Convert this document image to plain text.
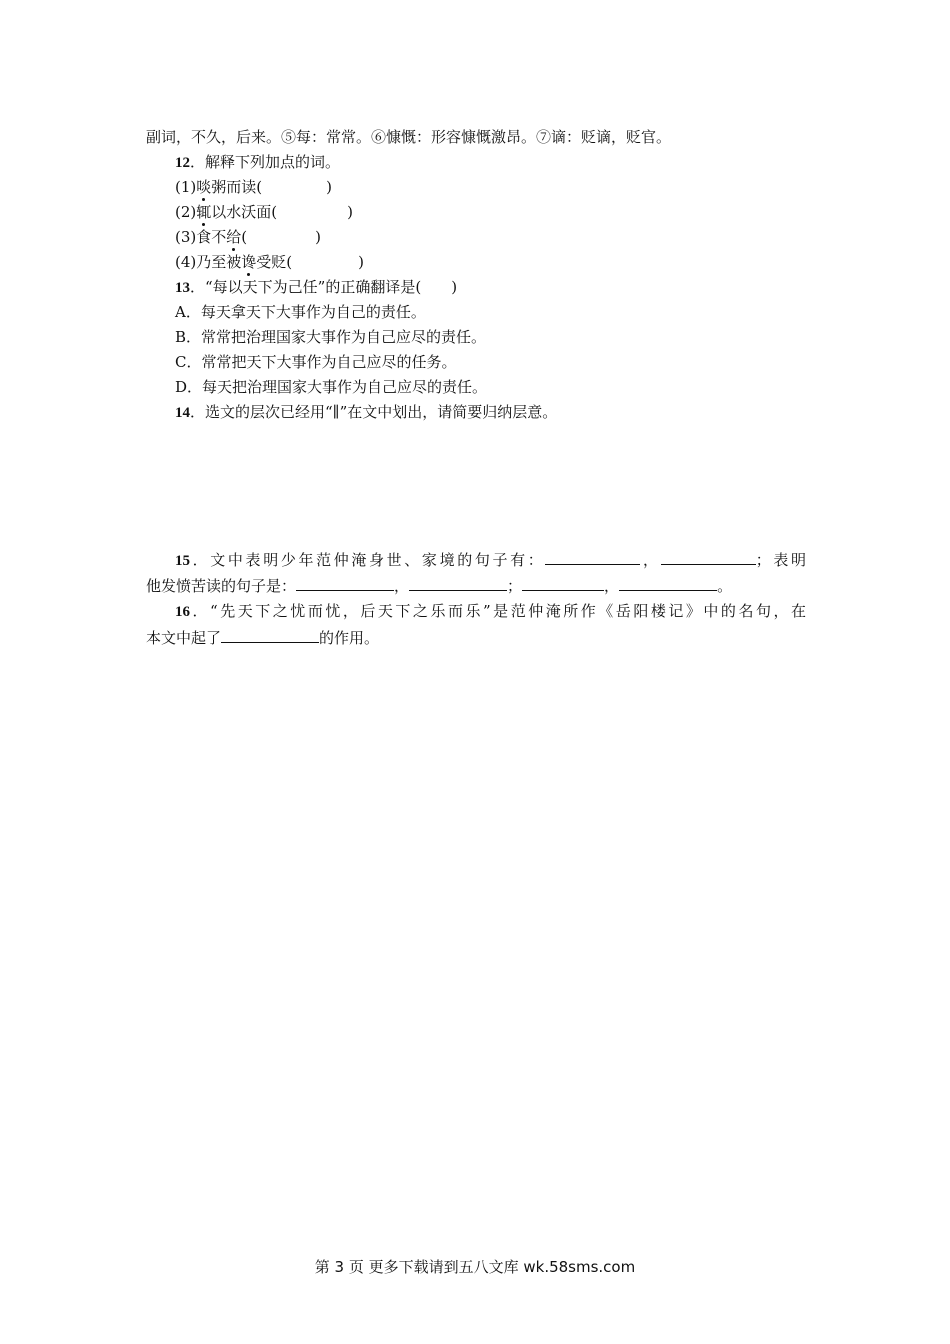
副词，不久，后来。⑤每：常常。⑥慷慨：形容慷慨激昂。⑦谪：贬谪，贬官。
12．解释下列加点的词。
(1)啖粥而读(	)
(2)辄以水沃面(	)
(3)食不给(	)
(4)乃至被谗受贬(	)
13．“每以天下为己任”的正确翻译是(　　)
A．每天拿天下大事作为自己的责任。
B．常常把治理国家大事作为自己应尽的责任。
C．常常把天下大事作为自己应尽的任务。
D．每天把治理国家大事作为自己应尽的责任。
14．选文的层次已经用“∥”在文中划出，请简要归纳层意。
15．文中表明少年范仲淹身世、家境的句子有：	，	；表明
他发愤苦读的句子是：	，	；	，	。
16．“先天下之忧而忧，后天下之乐而乐”是范仲淹所作《岳阳楼记》中的名句，在
本文中起了	的作用。
第 3 页 更多下载请到五八文库 wk.58sms.com
